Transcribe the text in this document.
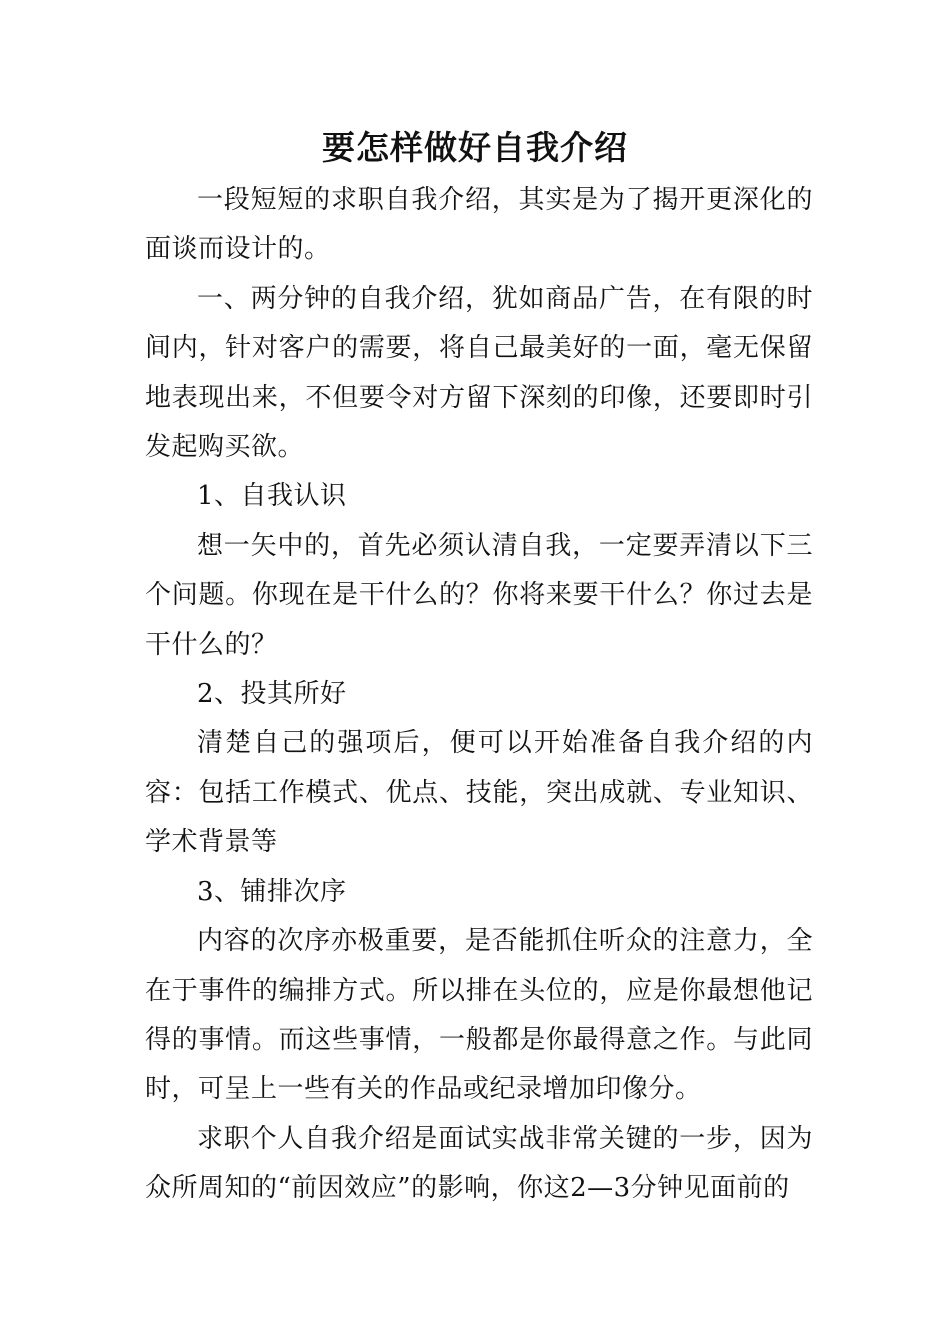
要怎样做好自我介绍

一段短短的求职自我介绍，其实是为了揭开更深化的面谈而设计的。

一、两分钟的自我介绍，犹如商品广告，在有限的时间内，针对客户的需要，将自己最美好的一面，毫无保留地表现出来，不但要令对方留下深刻的印像，还要即时引发起购买欲。

1、自我认识

想一矢中的，首先必须认清自我，一定要弄清以下三个问题。你现在是干什么的？你将来要干什么？你过去是干什么的？

2、投其所好

清楚自己的强项后，便可以开始准备自我介绍的内容：包括工作模式、优点、技能，突出成就、专业知识、学术背景等

3、铺排次序

内容的次序亦极重要，是否能抓住听众的注意力，全在于事件的编排方式。所以排在头位的，应是你最想他记得的事情。而这些事情，一般都是你最得意之作。与此同时，可呈上一些有关的作品或纪录增加印像分。

求职个人自我介绍是面试实战非常关键的一步，因为众所周知的“前因效应”的影响，你这2—3分钟见面前的
